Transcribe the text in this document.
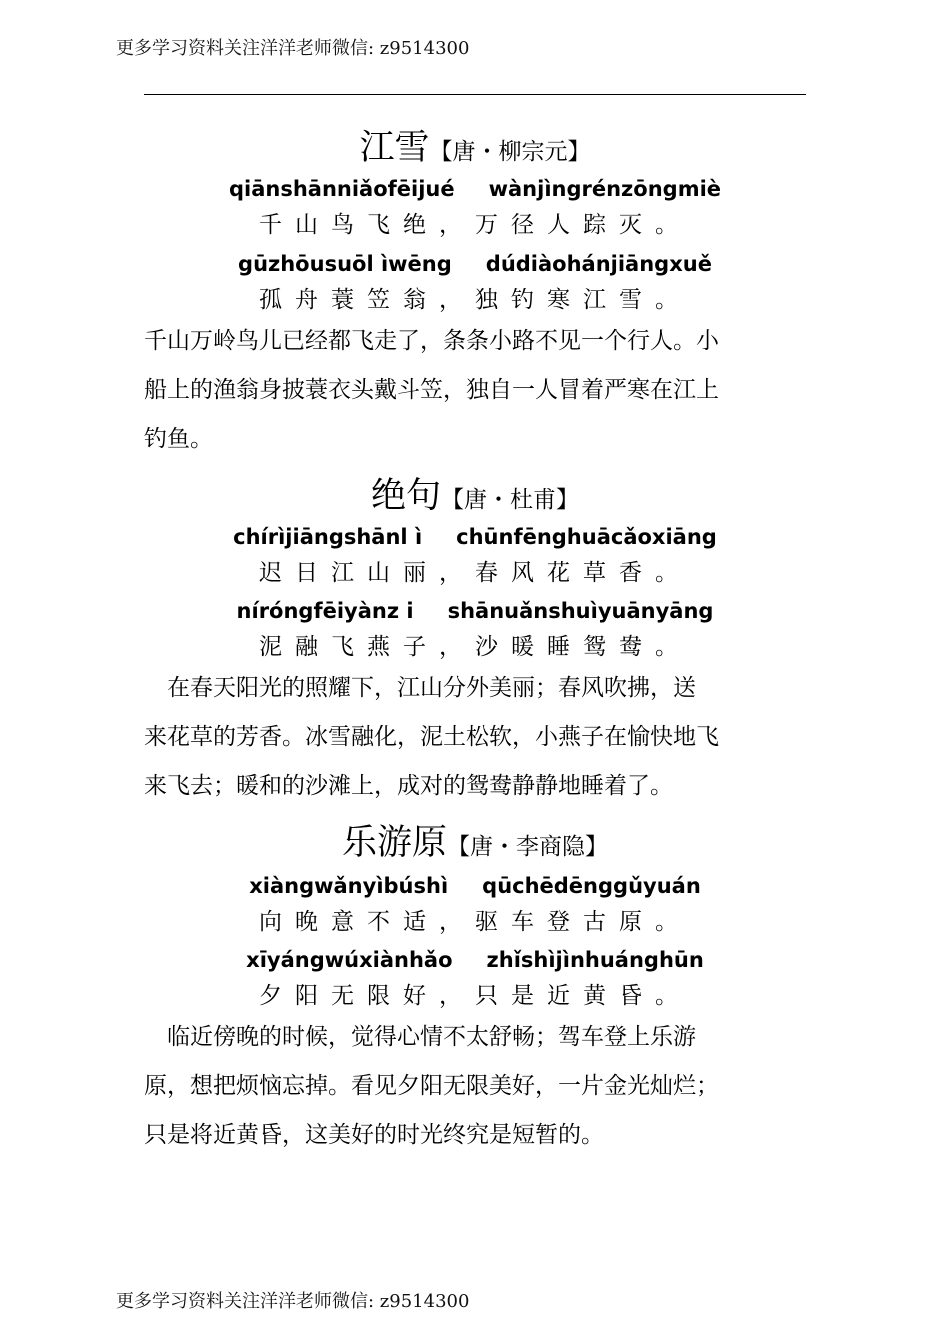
更多学习资料关注洋洋老师微信: z9514300
江雪【唐・柳宗元】
qiānshānniǎofēijué wànjìngrénzōngmiè
千山鸟飞绝，万径人踪灭。
gūzhōusuōl ìwēng dúdiàohánjiāngxuě
孤舟蓑笠翁，独钓寒江雪。
千山万岭鸟儿已经都飞走了，条条小路不见一个行人。小
船上的渔翁身披蓑衣头戴斗笠，独自一人冒着严寒在江上
钓鱼。
绝句【唐・杜甫】
chírìjiāngshānl ì chūnfēnghuācǎoxiāng
迟日江山丽，春风花草香。
níróngfēiyànz i shānuǎnshuìyuānyāng
泥融飞燕子，沙暖睡鸳鸯。
　在春天阳光的照耀下，江山分外美丽；春风吹拂，送
来花草的芳香。冰雪融化，泥土松软，小燕子在愉快地飞
来飞去；暖和的沙滩上，成对的鸳鸯静静地睡着了。
乐游原【唐・李商隐】
xiàngwǎnyìbúshì qūchēdēnggǔyuán
向晚意不适，驱车登古原。
xīyángwúxiànhǎo zhǐshìjìnhuánghūn
夕阳无限好，只是近黄昏。
　临近傍晚的时候，觉得心情不太舒畅；驾车登上乐游
原，想把烦恼忘掉。看见夕阳无限美好，一片金光灿烂；
只是将近黄昏，这美好的时光终究是短暂的。
更多学习资料关注洋洋老师微信: z9514300
